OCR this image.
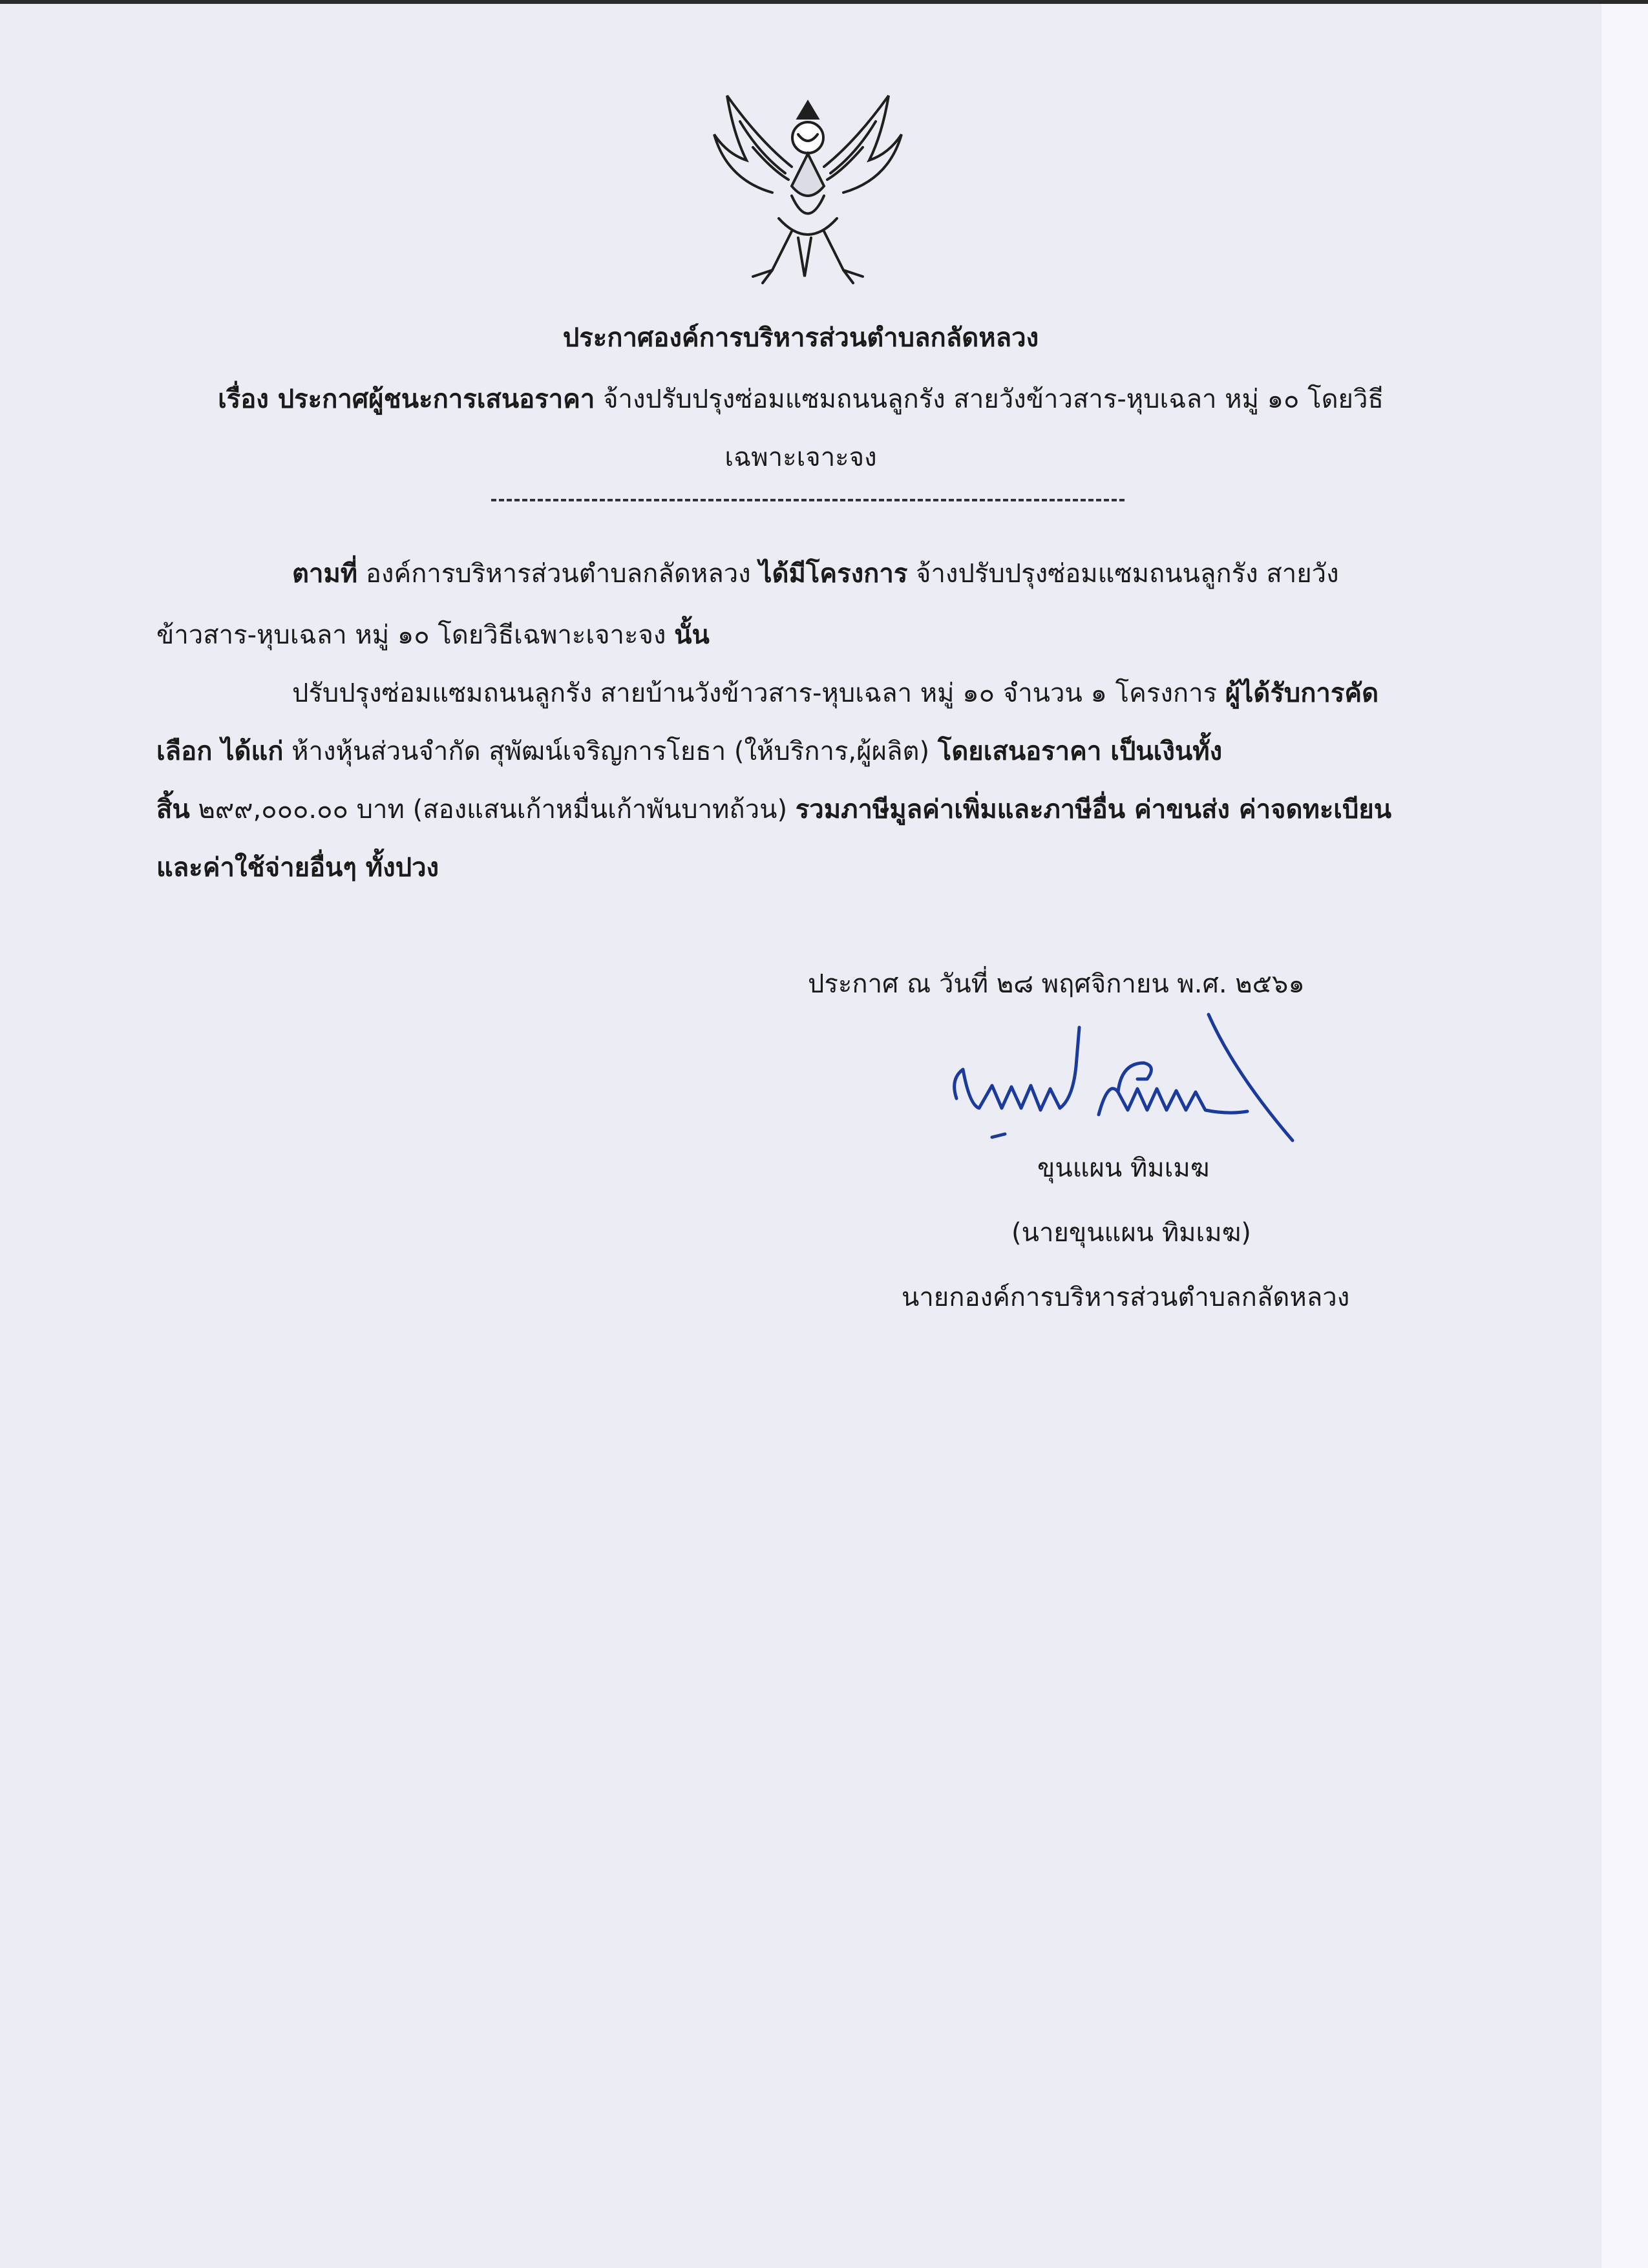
ประกาศองค์การบริหารส่วนตำบลกลัดหลวง
เรื่อง ประกาศผู้ชนะการเสนอราคา จ้างปรับปรุงซ่อมแซมถนนลูกรัง สายวังข้าวสาร-หุบเฉลา หมู่ ๑๐ โดยวิธี
เฉพาะเจาะจง
ตามที่ องค์การบริหารส่วนตำบลกลัดหลวง ได้มีโครงการ จ้างปรับปรุงซ่อมแซมถนนลูกรัง สายวัง
ข้าวสาร-หุบเฉลา หมู่ ๑๐ โดยวิธีเฉพาะเจาะจง นั้น
ปรับปรุงซ่อมแซมถนนลูกรัง สายบ้านวังข้าวสาร-หุบเฉลา หมู่ ๑๐ จำนวน ๑ โครงการ ผู้ได้รับการคัด
เลือก ได้แก่ ห้างหุ้นส่วนจำกัด สุพัฒน์เจริญการโยธา (ให้บริการ,ผู้ผลิต) โดยเสนอราคา เป็นเงินทั้ง
สิ้น ๒๙๙,๐๐๐.๐๐ บาท (สองแสนเก้าหมื่นเก้าพันบาทถ้วน) รวมภาษีมูลค่าเพิ่มและภาษีอื่น ค่าขนส่ง ค่าจดทะเบียน
และค่าใช้จ่ายอื่นๆ ทั้งปวง
ประกาศ ณ วันที่ ๒๘ พฤศจิกายน พ.ศ. ๒๕๖๑
ขุนแผน ทิมเมฆ
(นายขุนแผน ทิมเมฆ)
นายกองค์การบริหารส่วนตำบลกลัดหลวง
